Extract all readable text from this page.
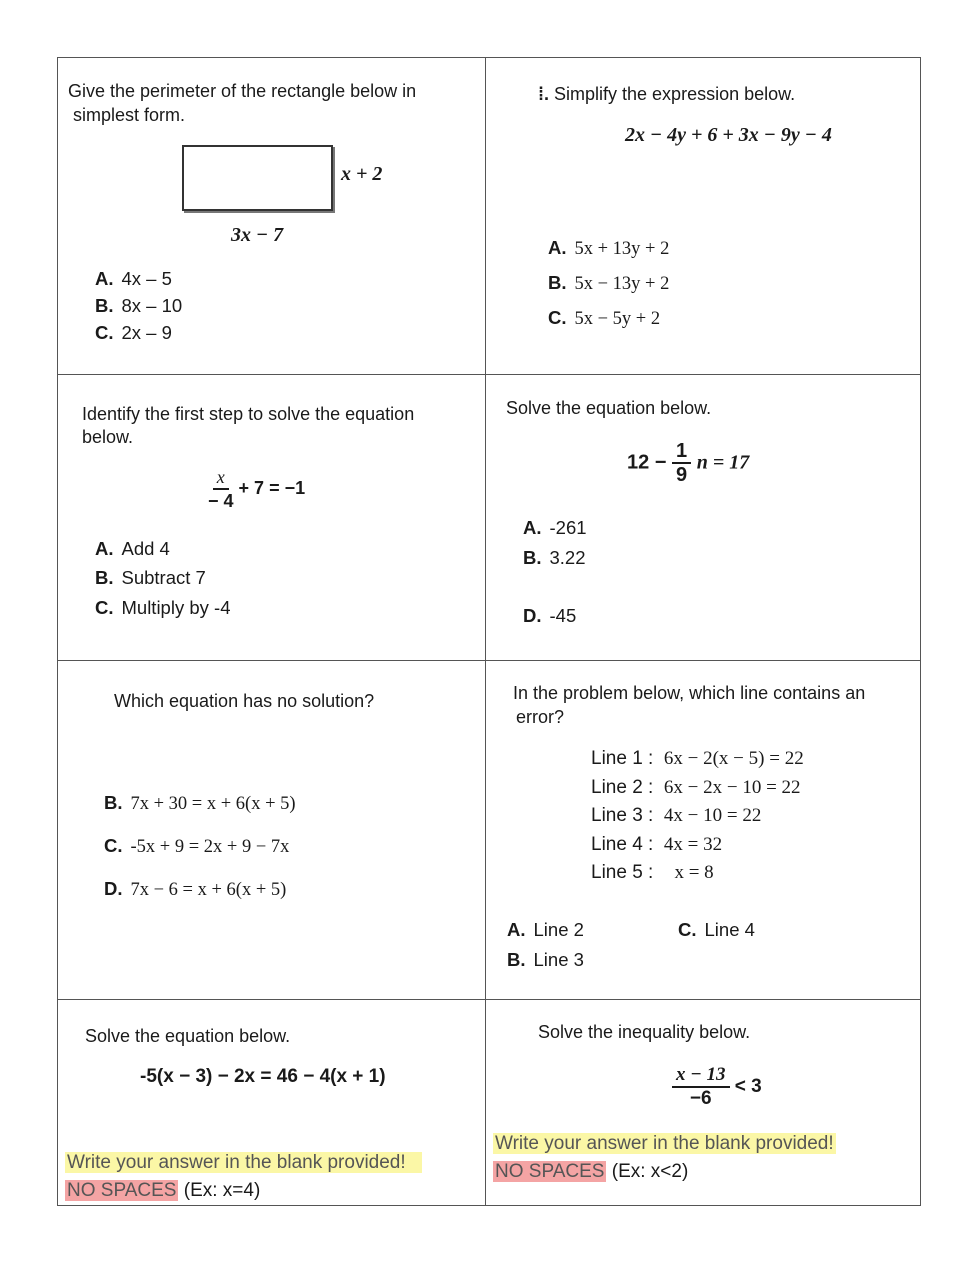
Give the perimeter of the rectangle below in
simplest form.
x + 2
3x − 7
A. 4x – 5
B. 8x – 10
C. 2x – 9
⁞. Simplify the expression below.
2x − 4y + 6 + 3x − 9y − 4
A. 5x + 13y + 2
B. 5x − 13y + 2
C. 5x − 5y + 2
Identify the first step to solve the equation
below.
$\frac{x}{- 4} + 7 = -1$
A. Add 4
B. Subtract 7
C. Multiply by -4
Solve the equation below.
$12 - \frac{1}{9}$ n = 17
A. -261
B. 3.22
D. -45
Which equation has no solution?
B. 7x + 30 = x + 6(x + 5)
C. -5x + 9 = 2x + 9 − 7x
D. 7x − 6 = x + 6(x + 5)
In the problem below, which line contains an
error?
Line 1 : 6x − 2(x − 5) = 22
Line 2 : 6x − 2x − 10 = 22
Line 3 : 4x − 10 = 22
Line 4 : 4x = 32
Line 5 : x = 8
A. Line 2	C. Line 4
B. Line 3
Solve the equation below.
-5(x − 3) − 2x = 46 − 4(x + 1)
Write your answer in the blank provided!
NO SPACES (Ex: x=4)
Solve the inequality below.
$\frac{x - 13}{-6} < 3$
Write your answer in the blank provided!
NO SPACES (Ex: x<2)
